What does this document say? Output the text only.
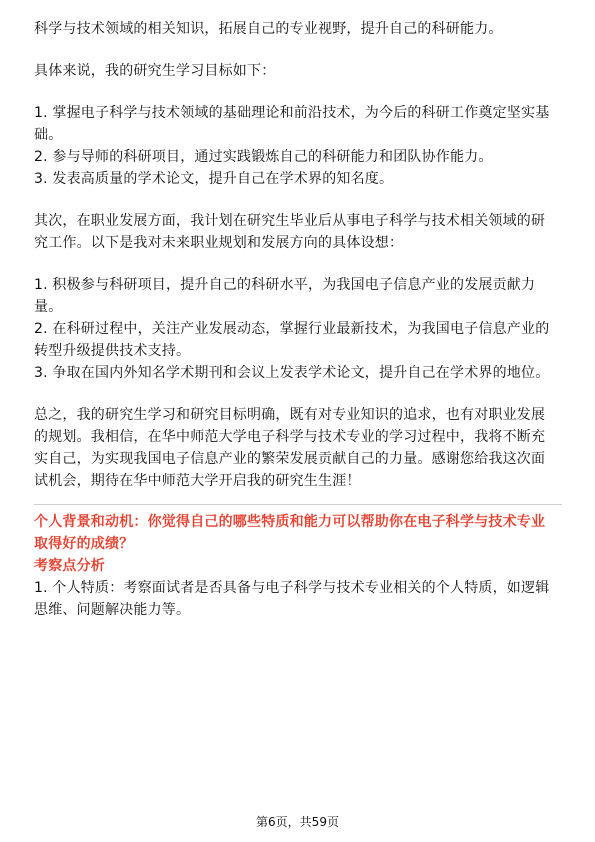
科学与技术领域的相关知识，拓展自己的专业视野，提升自己的科研能力。
具体来说，我的研究生学习目标如下：
1. 掌握电子科学与技术领域的基础理论和前沿技术，为今后的科研工作奠定坚实基
础。
2. 参与导师的科研项目，通过实践锻炼自己的科研能力和团队协作能力。
3. 发表高质量的学术论文，提升自己在学术界的知名度。
其次，在职业发展方面，我计划在研究生毕业后从事电子科学与技术相关领域的研
究工作。以下是我对未来职业规划和发展方向的具体设想：
1. 积极参与科研项目，提升自己的科研水平，为我国电子信息产业的发展贡献力
量。
2. 在科研过程中，关注产业发展动态，掌握行业最新技术，为我国电子信息产业的
转型升级提供技术支持。
3. 争取在国内外知名学术期刊和会议上发表学术论文，提升自己在学术界的地位。
总之，我的研究生学习和研究目标明确，既有对专业知识的追求，也有对职业发展
的规划。我相信，在华中师范大学电子科学与技术专业的学习过程中，我将不断充
实自己，为实现我国电子信息产业的繁荣发展贡献自己的力量。感谢您给我这次面
试机会，期待在华中师范大学开启我的研究生生涯！
个人背景和动机：你觉得自己的哪些特质和能力可以帮助你在电子科学与技术专业
取得好的成绩？
考察点分析
1. 个人特质：考察面试者是否具备与电子科学与技术专业相关的个人特质，如逻辑
思维、问题解决能力等。
第6页，共59页
